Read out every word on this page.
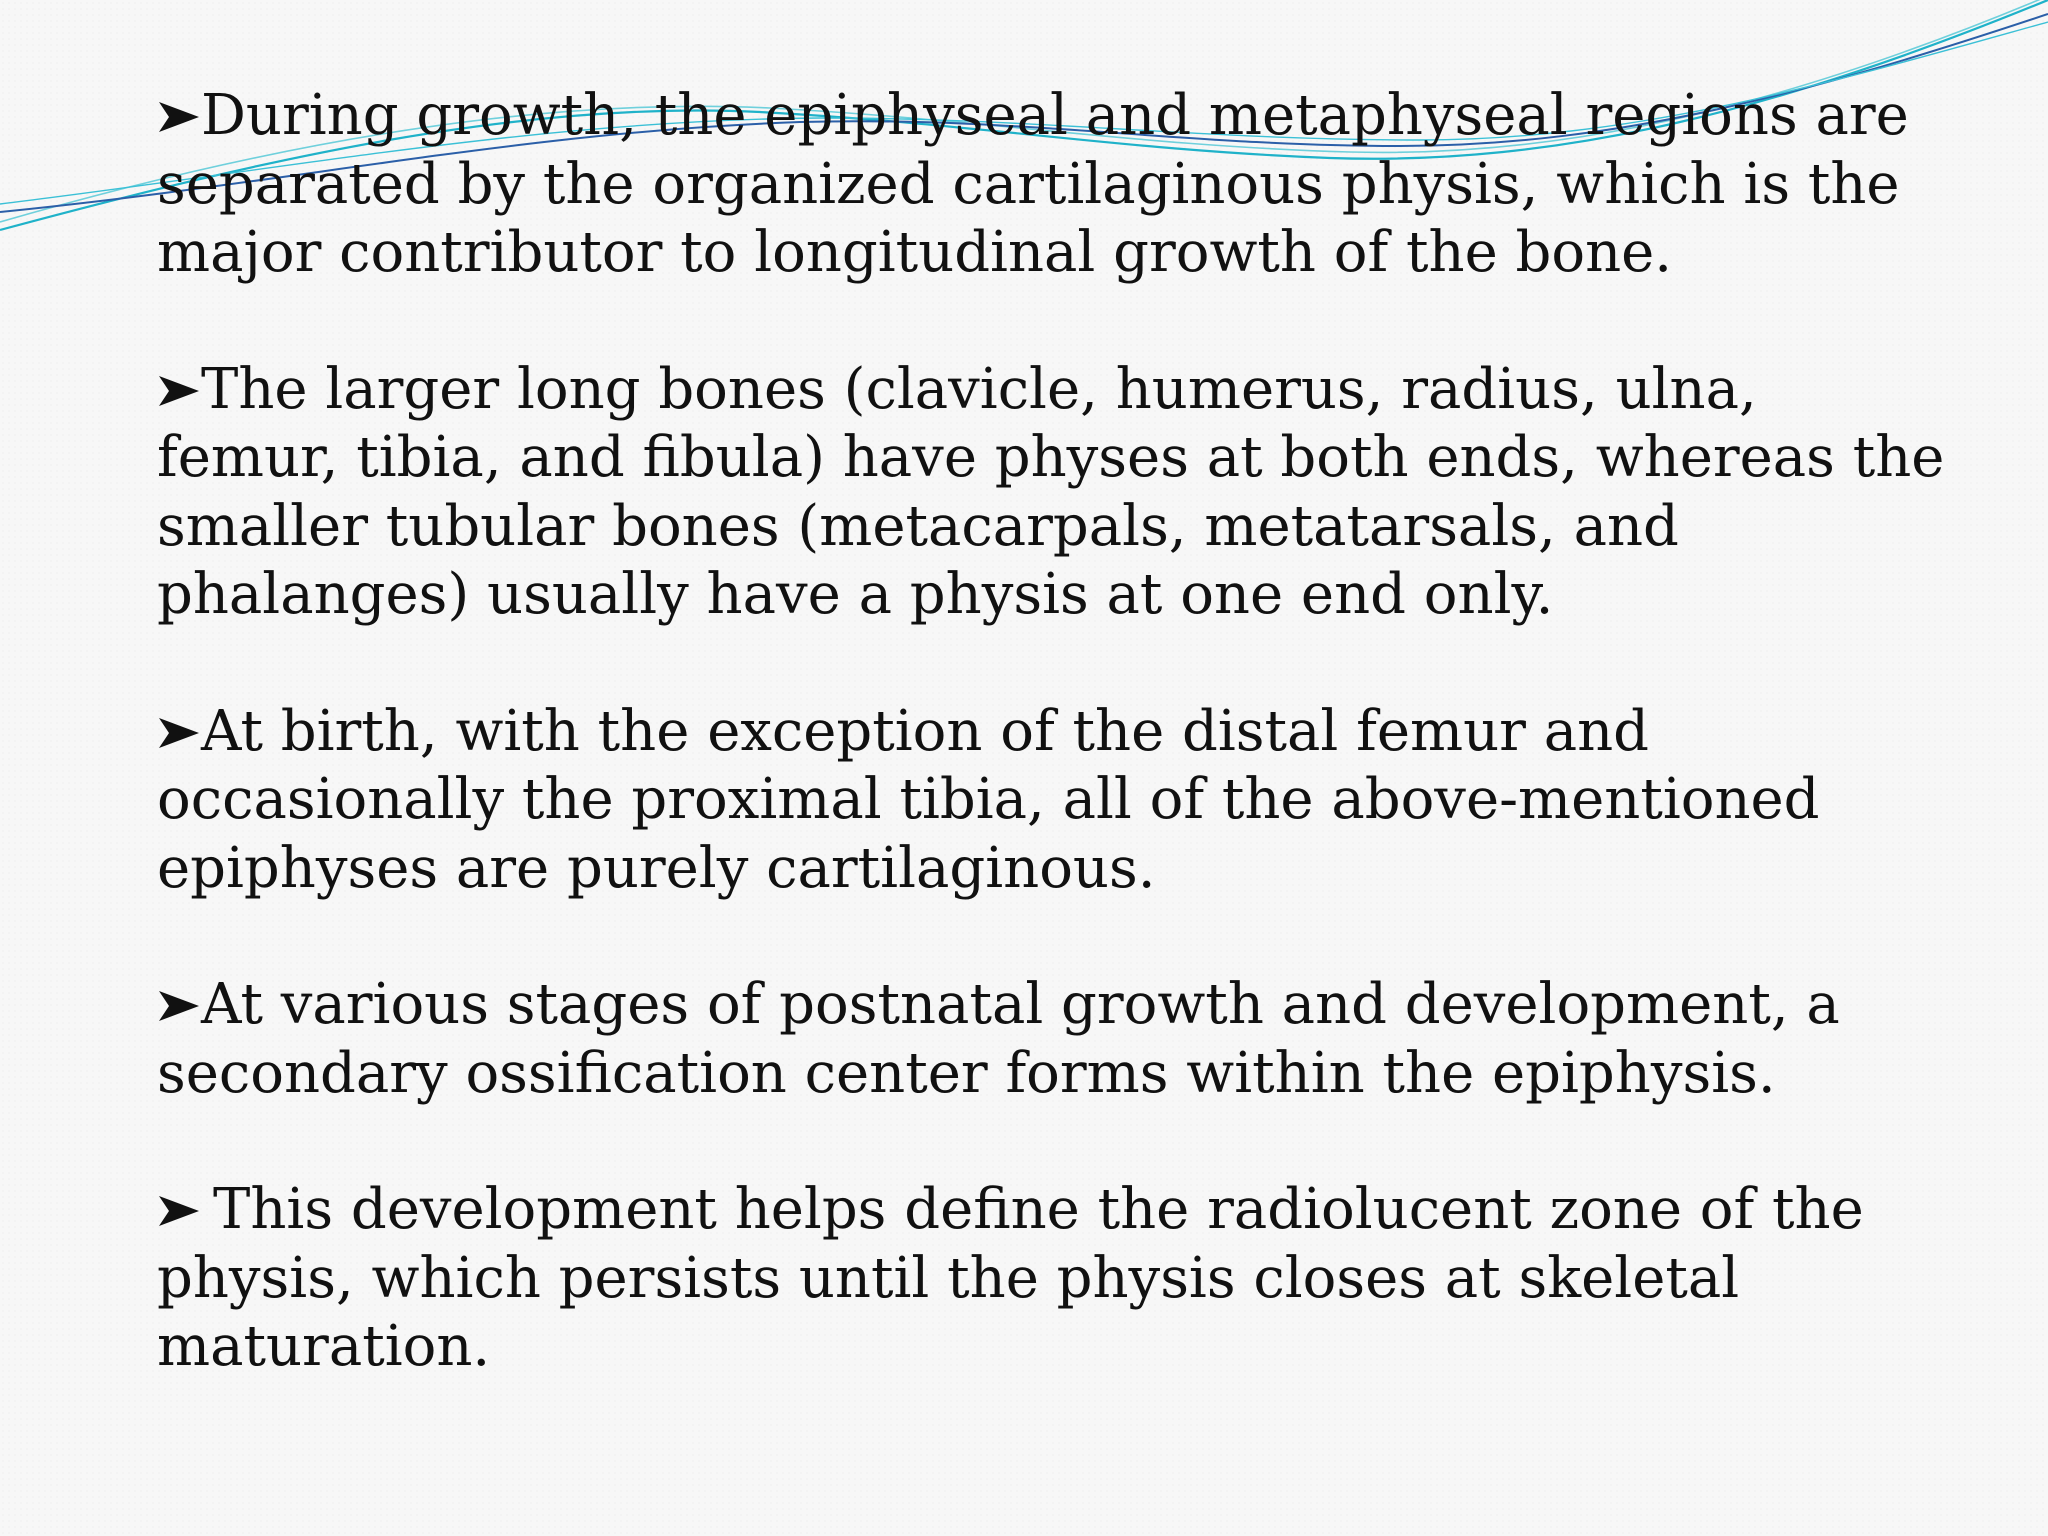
During growth, the epiphyseal and metaphyseal regions are separated by the organized cartilaginous physis, which is the major contributor to longitudinal growth of the bone.
The larger long bones (clavicle, humerus, radius, ulna, femur, tibia, and fibula) have physes at both ends, whereas the smaller tubular bones (metacarpals, metatarsals, and phalanges) usually have a physis at one end only.
At birth, with the exception of the distal femur and occasionally the proximal tibia, all of the above-mentioned epiphyses are purely cartilaginous.
At various stages of postnatal growth and development, a secondary ossification center forms within the epiphysis.
This development helps define the radiolucent zone of the physis, which persists until the physis closes at skeletal maturation.
